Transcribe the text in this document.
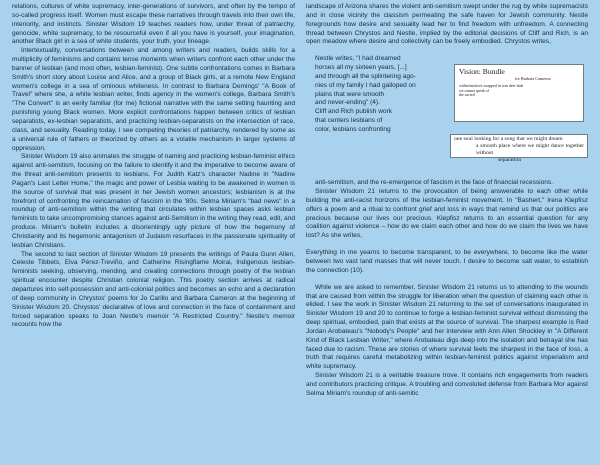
relations, cultures of white supremacy, inter-generations of survivors, and often by the tempo of so-called progress itself. Women must escape these narratives through travels into their own life, interiority, and instincts. Sinister Wisdom 19 teaches readers how, under threat of patriarchy, genocide, white supremacy, to be resourceful even if all you have is yourself, your imagination, another Black girl in a sea of white students, your truth, your lineage.

Intertextuality, conversations between and among writers and readers, builds skills for a multiplicity of feminisms and contains tense moments when writers confront each other under the banner of lesbian (and most often, lesbian-feminist). One subtle confrontations comes in Barbara Smith's short story about Louise and Alice, and a group of Black girls, at a remote New England women's college in a sea of ominous whiteness. In contrast to Barbara Demings' "A Book of Travel" where she, a white lesbian writer, finds agency in the women's college, Barbara Smith's "The Convert" is an eerily familiar (for me) fictional narrative with the same setting haunting and punishing young Black women. More explicit confrontations happen between critics of lesbian separatists, ex-lesbian separatists, and practicing lesbian-separatists on the intersection of race, class, and sexuality. Reading today, I see competing theories of patriarchy, rendered by some as a universal rule of fathers or theorized by others as a volatile mechanism in larger systems of oppression.

Sinister Wisdom 19 also animates the struggle of naming and practicing lesbian-feminist ethics against anti-semitism, focusing on the failure to identify it and the imperative to become aware of the threat anti-semitism presents to lesbians. For Judith Katz's character Nadine in "Nadine Pagan's Last Letter Home," the magic and power of Lesbia waiting to be awakened in women is the source of survival that was present in her Jewish women ancestors; lesbianism is at the forefront of confronting the reincarnation of fascism in the '80s. Selma Miriam's "bad news" in a roundup of anti-semitism within the writing that circulates within lesbian spaces asks lesbian feminists to take uncompromising stances against anti-Semitism in the writing they read, edit, and produce. Miriam's bulletin includes a disorientingly ugly picture of how the hegemony of Christianity and its hegemonic antagonism of Judaism resurfaces in the passionate spirituality of lesbian Christians.

The second to last section of Sinister Wisdom 19 presents the writings of Paula Gunn Allen, Celeste Tibbets, Elva Pérez-Treviño, and Catherine Risingflame Moirai, Indigenous lesbian-feminists seeking, observing, mending, and creating connections through poetry of the lesbian spiritual encounter despite Christian colonial religion. This poetry section arrives at radical departures into self-possession and anti-colonial politics and becomes an echo and a declaration of deep community in Chrystos' poems for Jo Carillo and Barbara Cameron at the beginning of Sinister Wisdom 20. Chrystos' declarative of love and connection in the face of containment and forced separation speaks to Joan Nestle's memoir "A Restricted Country." Nestle's memoir recounts how the

landscape of Arizona shares the violent anti-semitism swept under the rug by white supremacists and in close vicinity the classism permeating the safe haven for Jewish community. Nestle foregrounds how desire and sexuality lead her to find freedom with unfreedom. A connecting thread between Chrystos and Nestle, implied by the editorial decisions of Cliff and Rich, is an open meadow where desire and collectivity can be freely embodied. Chrystos writes,

Nestle writes, "I had dreamed
horses all my sixteen years, [...]
and through all the splintering ago-
nies of my family I had galloped on
plains that were smooth
and never-ending" (4).
Cliff and Rich publish work
that centers lesbians of
color, lesbians confronting

Vision: Bundle
for Barbara Cameron
within/motives wrapped in torn deer hide
we cannot speak of
the sacred
one soul looking for a song that we might dream
a smooth place where we might dance together without
separation

anti-semitism, and the re-emergence of fascism in the face of financial recessions.

Sinister Wisdom 21 returns to the provocation of being answerable to each other while building the anti-racist horizons of the lesbian-feminist movement. In "Bashert," Irena Klepfisz offers a poem and a ritual to confront grief and loss in ways that remind us that our politics are precious because our lives our precious. Klepfisz returns to an essential question for any coalition against violence – how do we claim each other and how do we claim the lives we have lost? As she writes,

Everything in me yearns to become transparent, to be everywhere, to become like the water between two vast land masses that will never touch. I desire to become salt water, to establish the connection (10).

While we are asked to remember, Sinister Wisdom 21 returns us to attending to the wounds that are caused from within the struggle for liberation when the question of claiming each other is elided. I see the work in Sinister Wisdom 21 returning to the set of conversations inaugurated in Sinister Wisdom 19 and 20 to continue to forge a lesbian-feminist survival without dismissing the deep spiritual, embodied, pain that exists at the source of survival. The sharpest example is Red Jordan Arobateau's "Nobody's People" and her interview with Ann Allen Shockley in "A Different Kind of Black Lesbian Writer," where Arobateau digs deep into the isolation and betrayal she has faced due to racism. These are stories of where survival feels the sharpest in the face of loss, a truth that requires careful metabolizing within lesbian-feminist politics against imperialism and white supremacy.

Sinister Wisdom 21 is a veritable treasure trove. It contains rich engagements from readers and contributors practicing critique. A troubling and convoluted defense from Barbara Mor against Selma Miriam's roundup of anti-semitic
